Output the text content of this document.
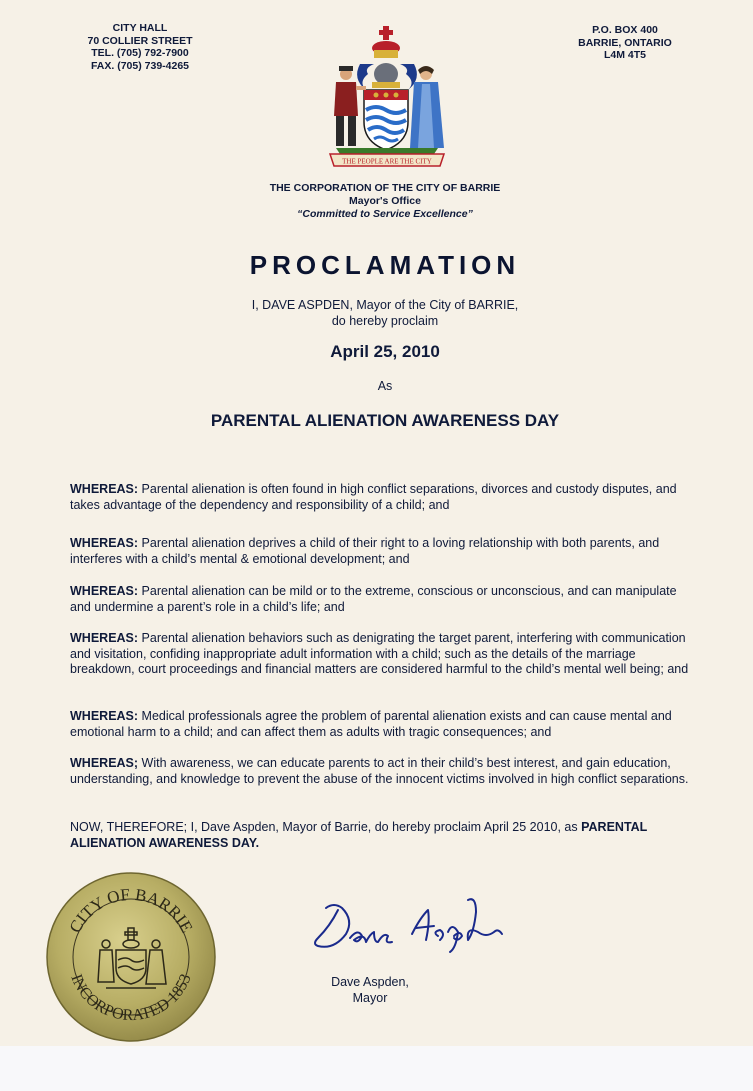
CITY HALL
70 COLLIER STREET
TEL. (705) 792-7900
FAX. (705) 739-4265
P.O. BOX 400
BARRIE, ONTARIO
L4M 4T5
THE PEOPLE ARE THE CITY
THE CORPORATION OF THE CITY OF BARRIE
Mayor's Office
“Committed to Service Excellence”
PROCLAMATION
I, DAVE ASPDEN, Mayor of the City of BARRIE,
do hereby proclaim
April 25, 2010
As
PARENTAL ALIENATION AWARENESS DAY
WHEREAS: Parental alienation is often found in high conflict separations, divorces and custody disputes, and takes advantage of the dependency and responsibility of a child; and
WHEREAS: Parental alienation deprives a child of their right to a loving relationship with both parents, and interferes with a child’s mental & emotional development; and
WHEREAS: Parental alienation can be mild or to the extreme, conscious or unconscious, and can manipulate and undermine a parent’s role in a child’s life; and
WHEREAS: Parental alienation behaviors such as denigrating the target parent, interfering with communication and visitation, confiding inappropriate adult information with a child; such as the details of the marriage breakdown, court proceedings and financial matters are considered harmful to the child’s mental well being; and
WHEREAS: Medical professionals agree the problem of parental alienation exists and can cause mental and emotional harm to a child; and can affect them as adults with tragic consequences; and
WHEREAS; With awareness, we can educate parents to act in their child’s best interest, and gain education, understanding, and knowledge to prevent the abuse of the innocent victims involved in high conflict separations.
NOW, THEREFORE; I, Dave Aspden, Mayor of Barrie, do hereby proclaim April 25 2010, as PARENTAL ALIENATION AWARENESS DAY.
CITY OF BARRIE
INCORPORATED 1853	Dave Aspden,
Mayor
